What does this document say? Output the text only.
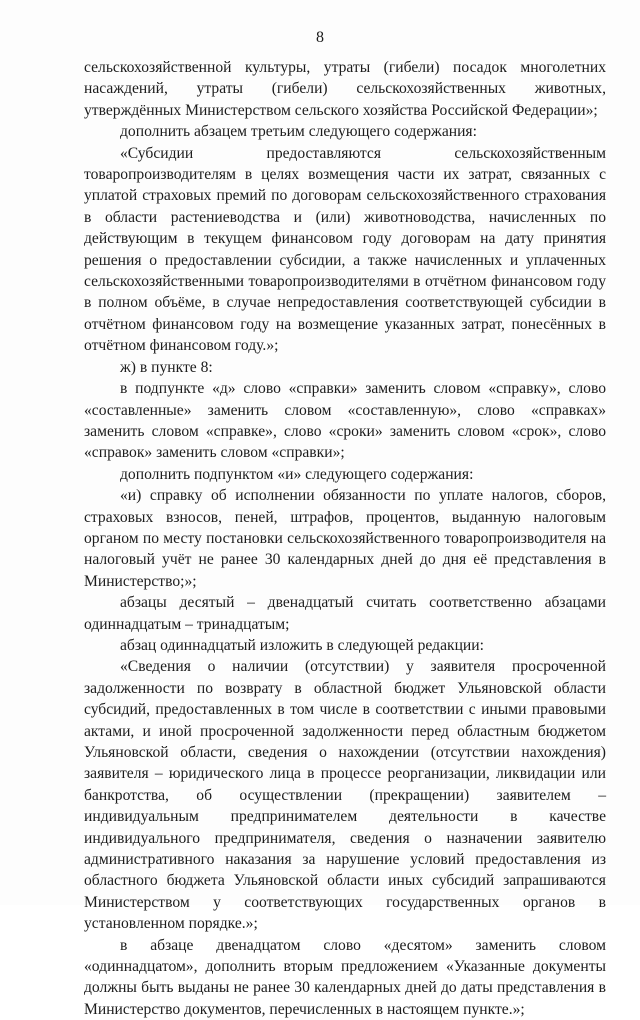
8

сельскохозяйственной культуры, утраты (гибели) посадок многолетних насаждений, утраты (гибели) сельскохозяйственных животных, утверждённых Министерством сельского хозяйства Российской Федерации»;

дополнить абзацем третьим следующего содержания:

«Субсидии предоставляются сельскохозяйственным товаропроизводителям в целях возмещения части их затрат, связанных с уплатой страховых премий по договорам сельскохозяйственного страхования в области растениеводства и (или) животноводства, начисленных по действующим в текущем финансовом году договорам на дату принятия решения о предоставлении субсидии, а также начисленных и уплаченных сельскохозяйственными товаропроизводителями в отчётном финансовом году в полном объёме, в случае непредоставления соответствующей субсидии в отчётном финансовом году на возмещение указанных затрат, понесённых в отчётном финансовом году.»;

ж) в пункте 8:

в подпункте «д» слово «справки» заменить словом «справку», слово «составленные» заменить словом «составленную», слово «справках» заменить словом «справке», слово «сроки» заменить словом «срок», слово «справок» заменить словом «справки»;

дополнить подпунктом «и» следующего содержания:

«и) справку об исполнении обязанности по уплате налогов, сборов, страховых взносов, пеней, штрафов, процентов, выданную налоговым органом по месту постановки сельскохозяйственного товаропроизводителя на налоговый учёт не ранее 30 календарных дней до дня её представления в Министерство;»;

абзацы десятый – двенадцатый считать соответственно абзацами одиннадцатым – тринадцатым;

абзац одиннадцатый изложить в следующей редакции:

«Сведения о наличии (отсутствии) у заявителя просроченной задолженности по возврату в областной бюджет Ульяновской области субсидий, предоставленных в том числе в соответствии с иными правовыми актами, и иной просроченной задолженности перед областным бюджетом Ульяновской области, сведения о нахождении (отсутствии нахождения) заявителя – юридического лица в процессе реорганизации, ликвидации или банкротства, об осуществлении (прекращении) заявителем – индивидуальным предпринимателем деятельности в качестве индивидуального предпринимателя, сведения о назначении заявителю административного наказания за нарушение условий предоставления из областного бюджета Ульяновской области иных субсидий запрашиваются Министерством у соответствующих государственных органов в установленном порядке.»;

в абзаце двенадцатом слово «десятом» заменить словом «одиннадцатом», дополнить вторым предложением «Указанные документы должны быть выданы не ранее 30 календарных дней до даты представления в Министерство документов, перечисленных в настоящем пункте.»;
